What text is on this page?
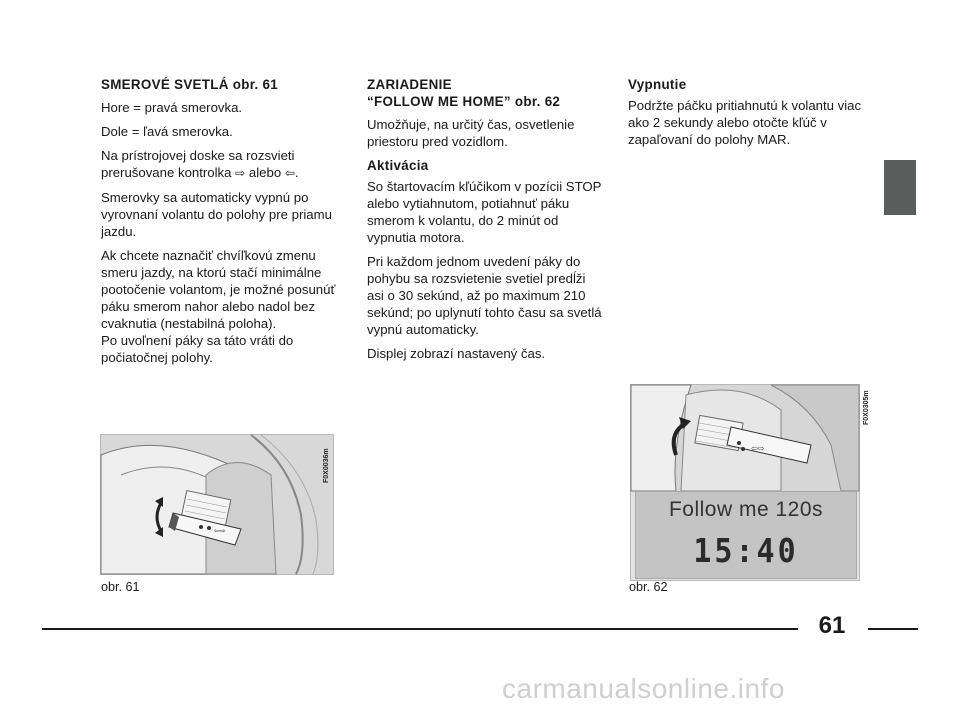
SMEROVÉ SVETLÁ obr. 61

Hore = pravá smerovka.

Dole = ľavá smerovka.

Na prístrojovej doske sa rozsvieti prerušovane kontrolka ⇨ alebo ⇦.

Smerovky sa automaticky vypnú po vyrovnaní volantu do polohy pre priamu jazdu.

Ak chcete naznačiť chvíľkovú zmenu smeru jazdy, na ktorú stačí minimálne pootočenie volantom, je možné posunúť páku smerom nahor alebo nadol bez cvaknutia (nestabilná poloha).

Po uvoľnení páky sa táto vráti do počiatočnej polohy.

ZARIADENIE
“FOLLOW ME HOME” obr. 62

Umožňuje, na určitý čas, osvetlenie priestoru pred vozidlom.

Aktivácia

So štartovacím kľúčikom v pozícii STOP alebo vytiahnutom, potiahnuť páku smerom k volantu, do 2 minút od vypnutia motora.

Pri každom jednom uvedení páky do pohybu sa rozsvietenie svetiel predĺži asi o 30 sekúnd, až po maximum 210 sekúnd; po uplynutí tohto času sa svetlá vypnú automaticky.

Displej zobrazí nastavený čas.

Vypnutie

Podržte páčku pritiahnutú k volantu viac ako 2 sekundy alebo otočte kľúč v zapaľovaní do polohy MAR.

⇦⇨
F0X0036m
obr. 61
⇦⇨
F0X0305m
Follow me 120s
15:40
obr. 62
61
carmanualsonline.info
